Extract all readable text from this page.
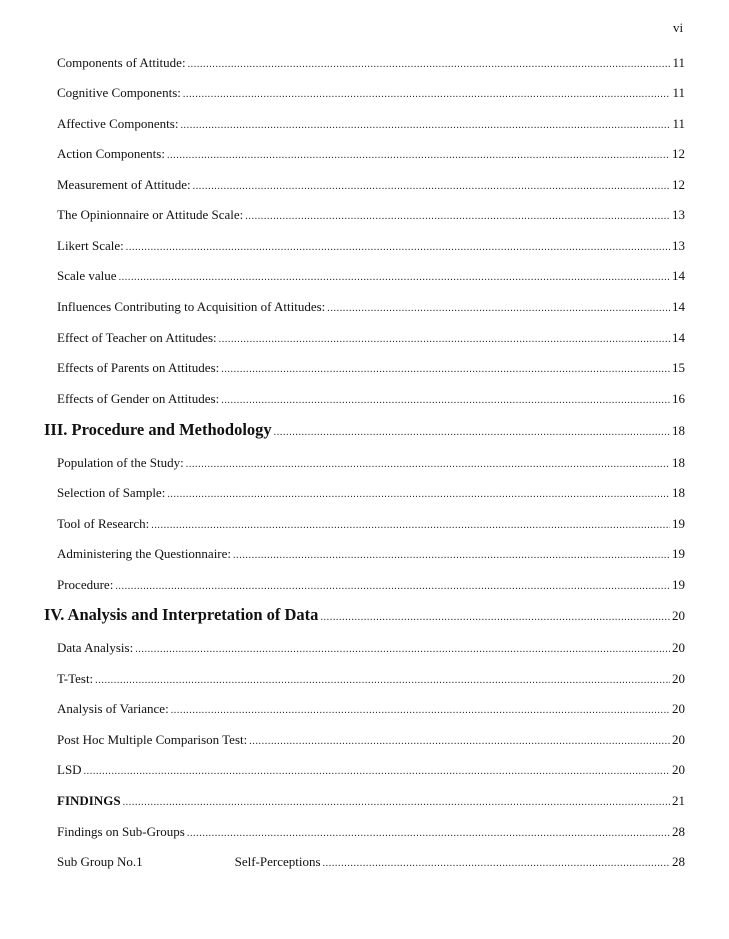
vi
Components of Attitude: .....	11
Cognitive Components: .....	11
Affective Components: .....	11
Action Components: .....	12
Measurement of Attitude: .....	12
The Opinionnaire or Attitude Scale: .....	13
Likert Scale: .....	13
Scale value .....	14
Influences Contributing to Acquisition of Attitudes: .....	14
Effect of Teacher on Attitudes: .....	14
Effects of Parents on Attitudes: .....	15
Effects of Gender on Attitudes: .....	16
III. Procedure and Methodology .....	18
Population of the Study: .....	18
Selection of Sample: .....	18
Tool of Research: .....	19
Administering the Questionnaire: .....	19
Procedure: .....	19
IV. Analysis and Interpretation of Data .....	20
Data Analysis: .....	20
T-Test: .....	20
Analysis of Variance: .....	20
Post Hoc Multiple Comparison Test: .....	20
LSD .....	20
FINDINGS .....	21
Findings on Sub-Groups .....	28
Sub Group No.1	Self-Perceptions .....	28
